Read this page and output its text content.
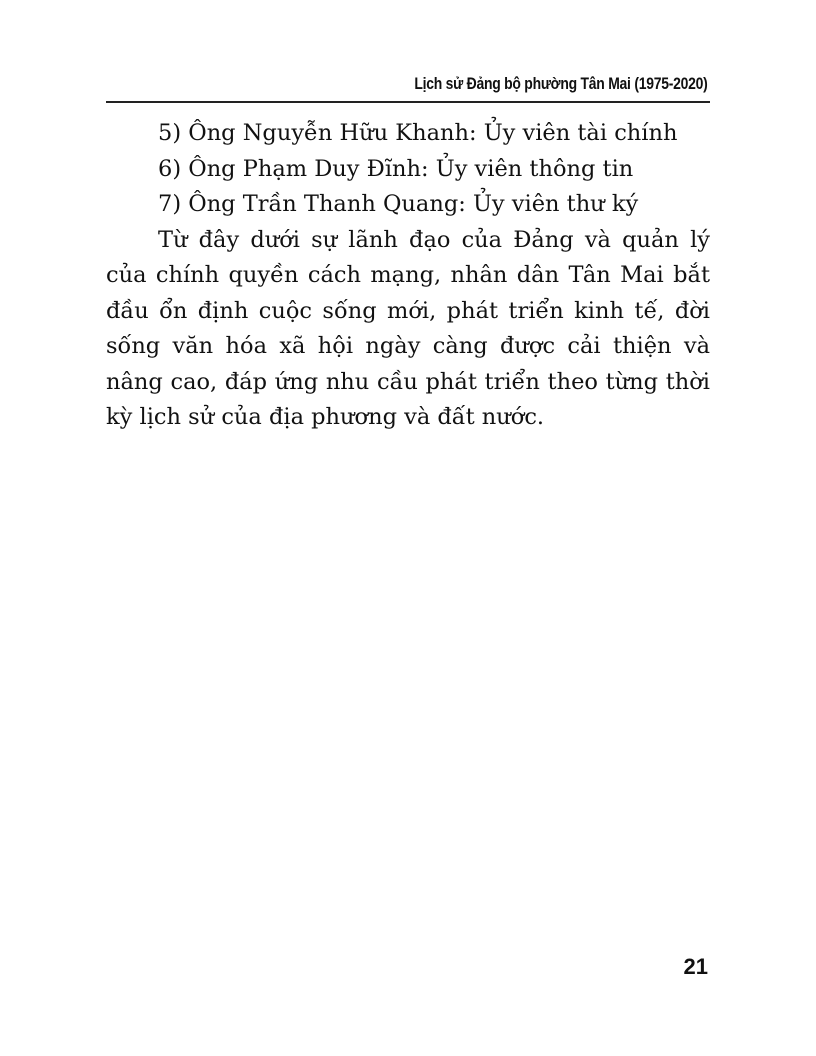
Lịch sử Đảng bộ phường Tân Mai (1975-2020)

5) Ông Nguyễn Hữu Khanh: Ủy viên tài chính

6) Ông Phạm Duy Đĩnh: Ủy viên thông tin

7) Ông Trần Thanh Quang: Ủy viên thư ký

Từ đây dưới sự lãnh đạo của Đảng và quản lý của chính quyền cách mạng, nhân dân Tân Mai bắt đầu ổn định cuộc sống mới, phát triển kinh tế, đời sống văn hóa xã hội ngày càng được cải thiện và nâng cao, đáp ứng nhu cầu phát triển theo từng thời kỳ lịch sử của địa phương và đất nước.

21
